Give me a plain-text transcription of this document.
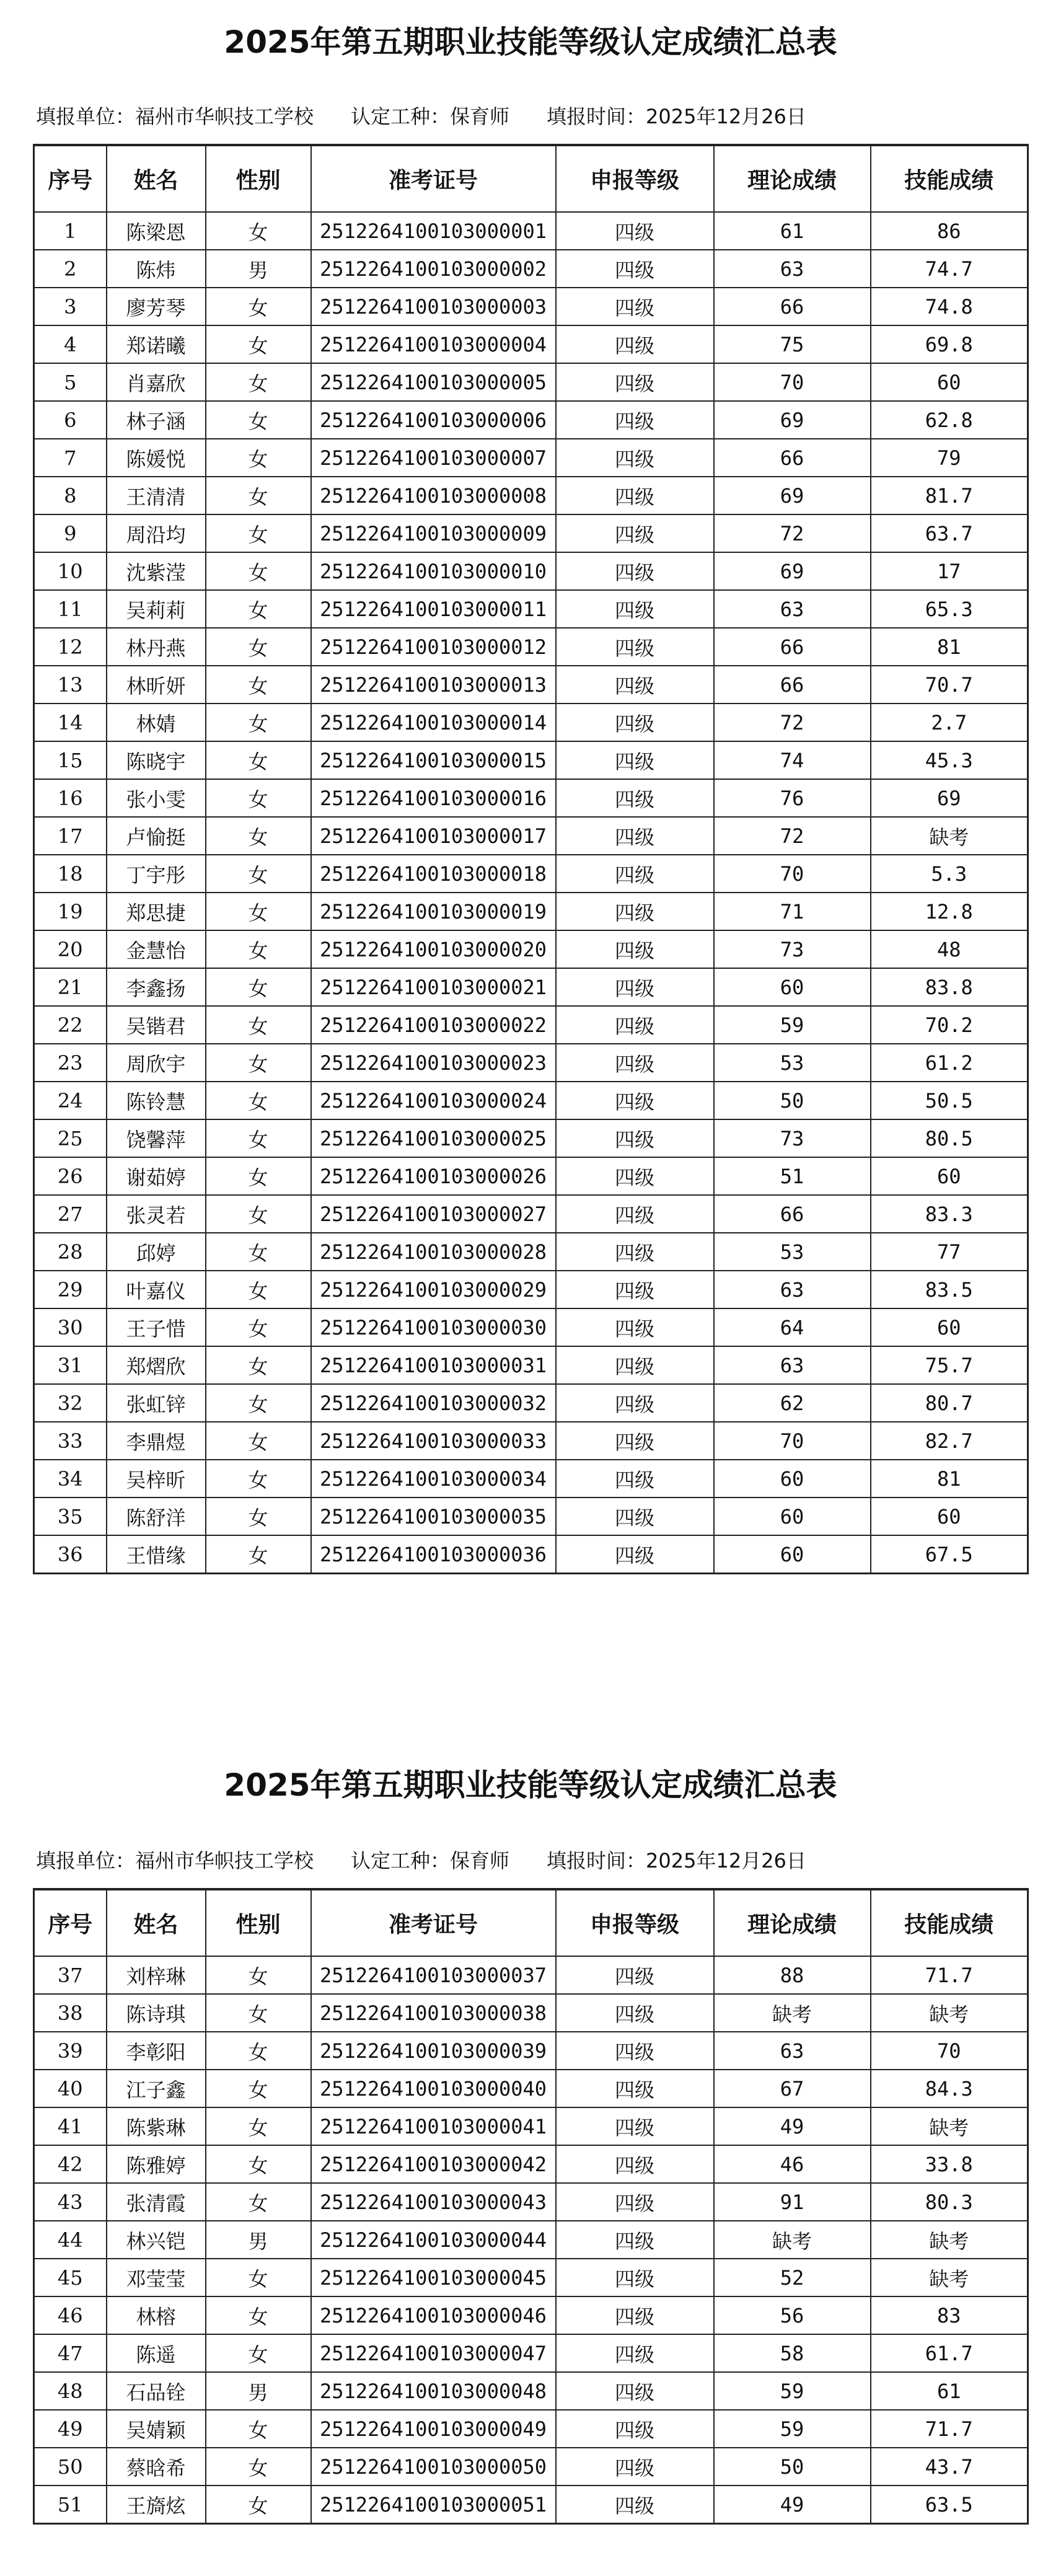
2025年第五期职业技能等级认定成绩汇总表
填报单位：福州市华帜技工学校 认定工种：保育师 填报时间：2025年12月26日
序号	姓名	性别	准考证号	申报等级	理论成绩	技能成绩
1	陈梁恩	女	2512264100103000001	四级	61	86
2	陈炜	男	2512264100103000002	四级	63	74.7
3	廖芳琴	女	2512264100103000003	四级	66	74.8
4	郑诺曦	女	2512264100103000004	四级	75	69.8
5	肖嘉欣	女	2512264100103000005	四级	70	60
6	林子涵	女	2512264100103000006	四级	69	62.8
7	陈媛悦	女	2512264100103000007	四级	66	79
8	王清清	女	2512264100103000008	四级	69	81.7
9	周沿均	女	2512264100103000009	四级	72	63.7
10	沈紫滢	女	2512264100103000010	四级	69	17
11	吴莉莉	女	2512264100103000011	四级	63	65.3
12	林丹燕	女	2512264100103000012	四级	66	81
13	林昕妍	女	2512264100103000013	四级	66	70.7
14	林婧	女	2512264100103000014	四级	72	2.7
15	陈晓宇	女	2512264100103000015	四级	74	45.3
16	张小雯	女	2512264100103000016	四级	76	69
17	卢愉挺	女	2512264100103000017	四级	72	缺考
18	丁宇彤	女	2512264100103000018	四级	70	5.3
19	郑思捷	女	2512264100103000019	四级	71	12.8
20	金慧怡	女	2512264100103000020	四级	73	48
21	李鑫扬	女	2512264100103000021	四级	60	83.8
22	吴锴君	女	2512264100103000022	四级	59	70.2
23	周欣宇	女	2512264100103000023	四级	53	61.2
24	陈铃慧	女	2512264100103000024	四级	50	50.5
25	饶馨萍	女	2512264100103000025	四级	73	80.5
26	谢茹婷	女	2512264100103000026	四级	51	60
27	张灵若	女	2512264100103000027	四级	66	83.3
28	邱婷	女	2512264100103000028	四级	53	77
29	叶嘉仪	女	2512264100103000029	四级	63	83.5
30	王子惜	女	2512264100103000030	四级	64	60
31	郑熠欣	女	2512264100103000031	四级	63	75.7
32	张虹锌	女	2512264100103000032	四级	62	80.7
33	李鼎煜	女	2512264100103000033	四级	70	82.7
34	吴梓昕	女	2512264100103000034	四级	60	81
35	陈舒洋	女	2512264100103000035	四级	60	60
36	王惜缘	女	2512264100103000036	四级	60	67.5
2025年第五期职业技能等级认定成绩汇总表
填报单位：福州市华帜技工学校 认定工种：保育师 填报时间：2025年12月26日
序号	姓名	性别	准考证号	申报等级	理论成绩	技能成绩
37	刘梓琳	女	2512264100103000037	四级	88	71.7
38	陈诗琪	女	2512264100103000038	四级	缺考	缺考
39	李彰阳	女	2512264100103000039	四级	63	70
40	江子鑫	女	2512264100103000040	四级	67	84.3
41	陈紫琳	女	2512264100103000041	四级	49	缺考
42	陈雅婷	女	2512264100103000042	四级	46	33.8
43	张清霞	女	2512264100103000043	四级	91	80.3
44	林兴铠	男	2512264100103000044	四级	缺考	缺考
45	邓莹莹	女	2512264100103000045	四级	52	缺考
46	林榕	女	2512264100103000046	四级	56	83
47	陈遥	女	2512264100103000047	四级	58	61.7
48	石品铨	男	2512264100103000048	四级	59	61
49	吴婧颖	女	2512264100103000049	四级	59	71.7
50	蔡晗希	女	2512264100103000050	四级	50	43.7
51	王旖炫	女	2512264100103000051	四级	49	63.5
